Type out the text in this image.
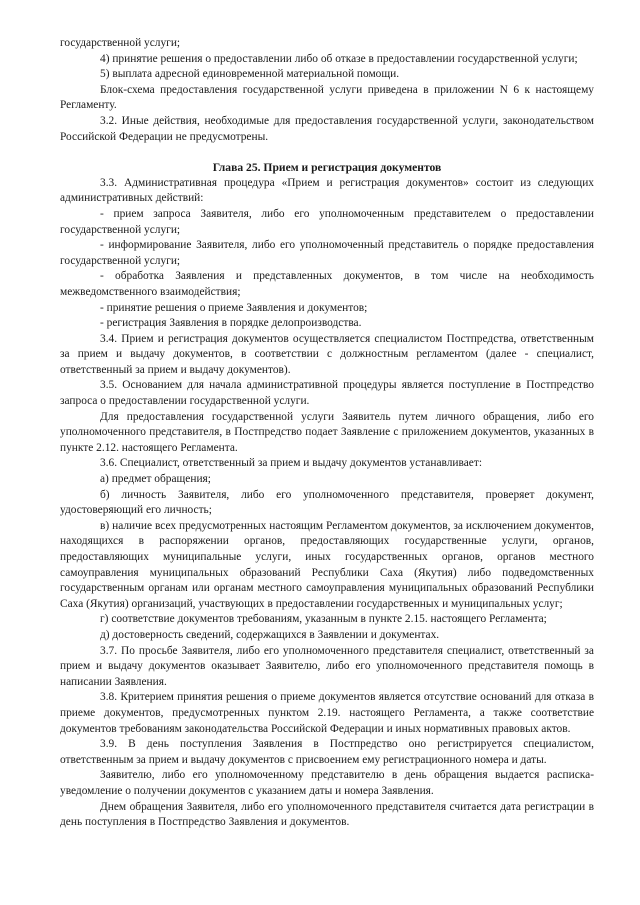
государственной услуги;

4) принятие решения о предоставлении либо об отказе в предоставлении государственной услуги;

5) выплата адресной единовременной материальной помощи.

Блок-схема предоставления государственной услуги приведена в приложении N 6 к настоящему Регламенту.

3.2. Иные действия, необходимые для предоставления государственной услуги, законодательством Российской Федерации не предусмотрены.

Глава 25. Прием и регистрация документов

3.3. Административная процедура «Прием и регистрация документов» состоит из следующих административных действий:

- прием запроса Заявителя, либо его уполномоченным представителем о предоставлении государственной услуги;

- информирование Заявителя, либо его уполномоченный представитель о порядке предоставления государственной услуги;

- обработка Заявления и представленных документов, в том числе на необходимость межведомственного взаимодействия;

- принятие решения о приеме Заявления и документов;

- регистрация Заявления в порядке делопроизводства.

3.4. Прием и регистрация документов осуществляется специалистом Постпредства, ответственным за прием и выдачу документов, в соответствии с должностным регламентом (далее - специалист, ответственный за прием и выдачу документов).

3.5. Основанием для начала административной процедуры является поступление в Постпредство запроса о предоставлении государственной услуги.

Для предоставления государственной услуги Заявитель путем личного обращения, либо его уполномоченного представителя, в Постпредство подает Заявление с приложением документов, указанных в пункте 2.12. настоящего Регламента.

3.6. Специалист, ответственный за прием и выдачу документов устанавливает:

а) предмет обращения;

б) личность Заявителя, либо его уполномоченного представителя, проверяет документ, удостоверяющий его личность;

в) наличие всех предусмотренных настоящим Регламентом документов, за исключением документов, находящихся в распоряжении органов, предоставляющих государственные услуги, органов, предоставляющих муниципальные услуги, иных государственных органов, органов местного самоуправления муниципальных образований Республики Саха (Якутия) либо подведомственных государственным органам или органам местного самоуправления муниципальных образований Республики Саха (Якутия) организаций, участвующих в предоставлении государственных и муниципальных услуг;

г) соответствие документов требованиям, указанным в пункте 2.15. настоящего Регламента;

д) достоверность сведений, содержащихся в Заявлении и документах.

3.7. По просьбе Заявителя, либо его уполномоченного представителя специалист, ответственный за прием и выдачу документов оказывает Заявителю, либо его уполномоченного представителя помощь в написании Заявления.

3.8. Критерием принятия решения о приеме документов является отсутствие оснований для отказа в приеме документов, предусмотренных пунктом 2.19. настоящего Регламента, а также соответствие документов требованиям законодательства Российской Федерации и иных нормативных правовых актов.

3.9. В день поступления Заявления в Постпредство оно регистрируется специалистом, ответственным за прием и выдачу документов с присвоением ему регистрационного номера и даты.

Заявителю, либо его уполномоченному представителю в день обращения выдается расписка-уведомление о получении документов с указанием даты и номера Заявления.

Днем обращения Заявителя, либо его уполномоченного представителя считается дата регистрации в день поступления в Постпредство Заявления и документов.
